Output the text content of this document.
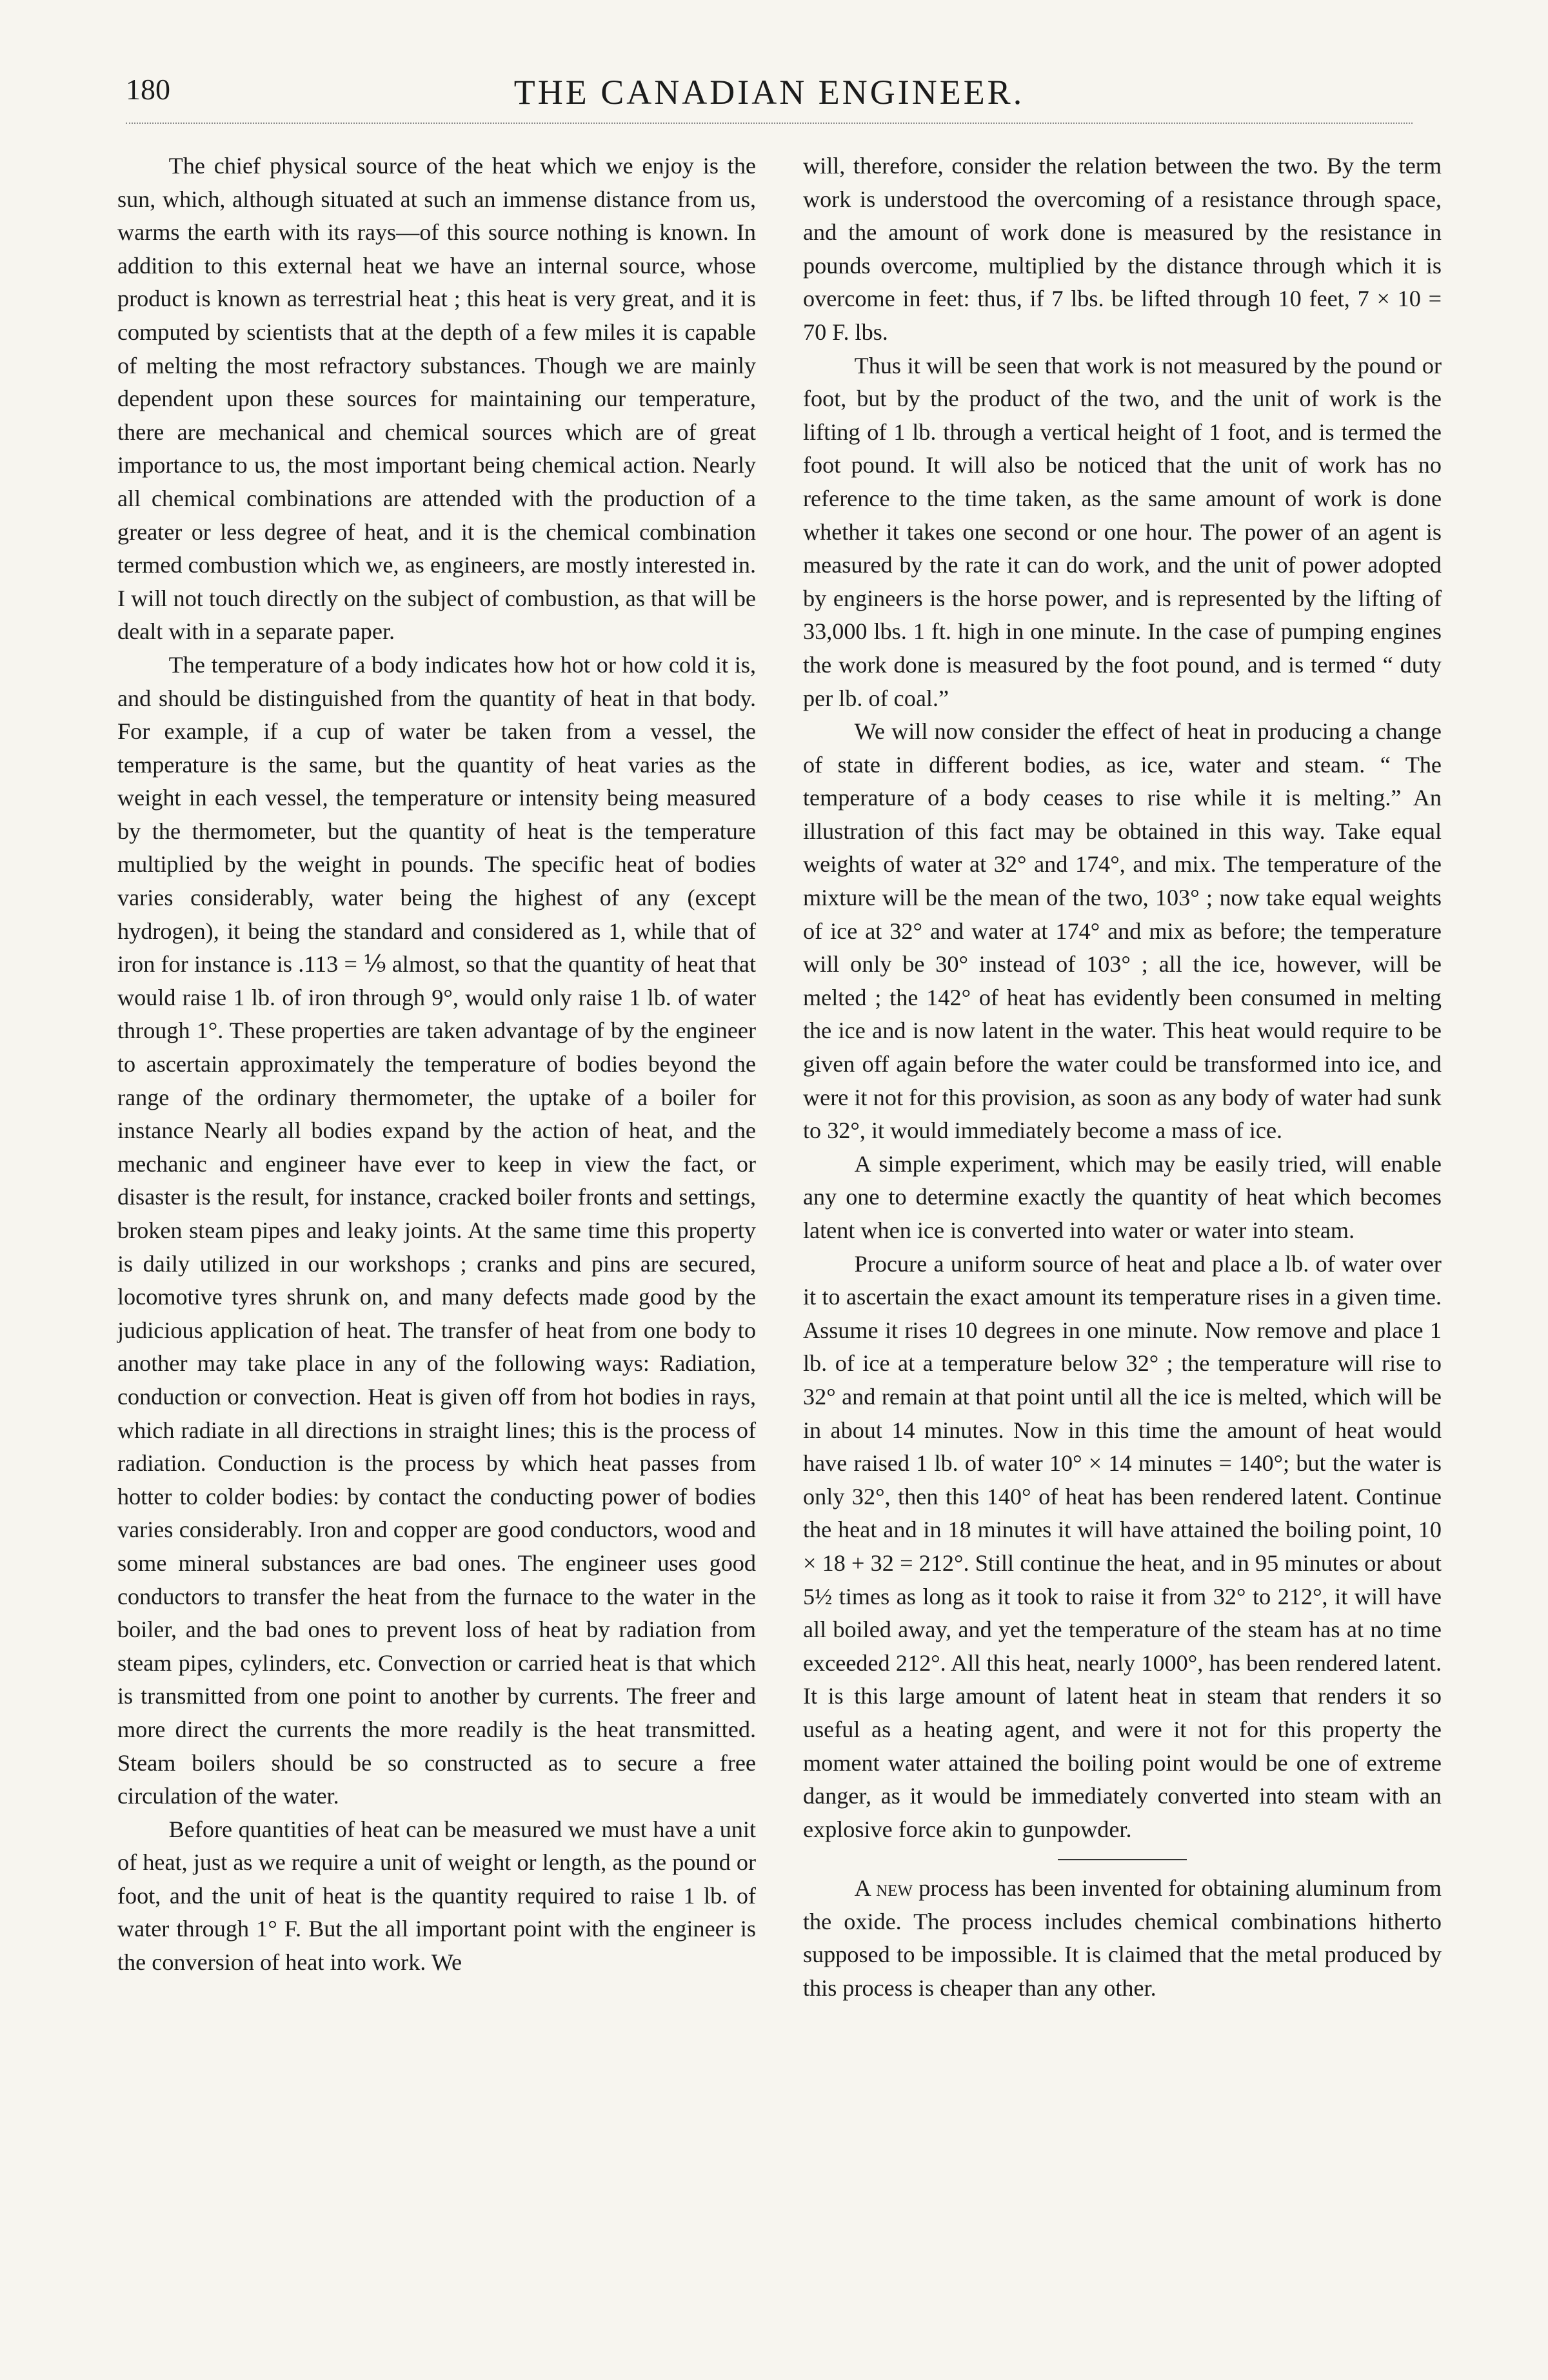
180	THE CANADIAN ENGINEER.

The chief physical source of the heat which we enjoy is the sun, which, although situated at such an immense distance from us, warms the earth with its rays—of this source nothing is known. In addition to this external heat we have an internal source, whose product is known as terrestrial heat ; this heat is very great, and it is computed by scientists that at the depth of a few miles it is capable of melting the most refractory substances. Though we are mainly dependent upon these sources for maintaining our temperature, there are mechanical and chemical sources which are of great importance to us, the most important being chemical action. Nearly all chemical combinations are attended with the production of a greater or less degree of heat, and it is the chemical combination termed combustion which we, as engineers, are mostly interested in. I will not touch directly on the subject of combustion, as that will be dealt with in a separate paper.

The temperature of a body indicates how hot or how cold it is, and should be distinguished from the quantity of heat in that body. For example, if a cup of water be taken from a vessel, the temperature is the same, but the quantity of heat varies as the weight in each vessel, the temperature or intensity being measured by the thermometer, but the quantity of heat is the temperature multiplied by the weight in pounds. The specific heat of bodies varies considerably, water being the highest of any (except hydrogen), it being the standard and considered as 1, while that of iron for instance is .113 = ⅑ almost, so that the quantity of heat that would raise 1 lb. of iron through 9°, would only raise 1 lb. of water through 1°. These properties are taken advantage of by the engineer to ascertain approximately the temperature of bodies beyond the range of the ordinary thermometer, the uptake of a boiler for instance Nearly all bodies expand by the action of heat, and the mechanic and engineer have ever to keep in view the fact, or disaster is the result, for instance, cracked boiler fronts and settings, broken steam pipes and leaky joints. At the same time this property is daily utilized in our workshops ; cranks and pins are secured, locomotive tyres shrunk on, and many defects made good by the judicious application of heat. The transfer of heat from one body to another may take place in any of the following ways: Radiation, conduction or convection. Heat is given off from hot bodies in rays, which radiate in all directions in straight lines; this is the process of radiation. Conduction is the process by which heat passes from hotter to colder bodies: by contact the conducting power of bodies varies considerably. Iron and copper are good conductors, wood and some mineral substances are bad ones. The engineer uses good conductors to transfer the heat from the furnace to the water in the boiler, and the bad ones to prevent loss of heat by radiation from steam pipes, cylinders, etc. Convection or carried heat is that which is transmitted from one point to another by currents. The freer and more direct the currents the more readily is the heat transmitted. Steam boilers should be so constructed as to secure a free circulation of the water.

Before quantities of heat can be measured we must have a unit of heat, just as we require a unit of weight or length, as the pound or foot, and the unit of heat is the quantity required to raise 1 lb. of water through 1° F. But the all important point with the engineer is the conversion of heat into work. We

will, therefore, consider the relation between the two. By the term work is understood the overcoming of a resistance through space, and the amount of work done is measured by the resistance in pounds overcome, multiplied by the distance through which it is overcome in feet: thus, if 7 lbs. be lifted through 10 feet, 7 × 10 = 70 F. lbs.

Thus it will be seen that work is not measured by the pound or foot, but by the product of the two, and the unit of work is the lifting of 1 lb. through a vertical height of 1 foot, and is termed the foot pound. It will also be noticed that the unit of work has no reference to the time taken, as the same amount of work is done whether it takes one second or one hour. The power of an agent is measured by the rate it can do work, and the unit of power adopted by engineers is the horse power, and is represented by the lifting of 33,000 lbs. 1 ft. high in one minute. In the case of pumping engines the work done is measured by the foot pound, and is termed “ duty per lb. of coal.”

We will now consider the effect of heat in producing a change of state in different bodies, as ice, water and steam. “ The temperature of a body ceases to rise while it is melting.” An illustration of this fact may be obtained in this way. Take equal weights of water at 32° and 174°, and mix. The temperature of the mixture will be the mean of the two, 103° ; now take equal weights of ice at 32° and water at 174° and mix as before; the temperature will only be 30° instead of 103° ; all the ice, however, will be melted ; the 142° of heat has evidently been consumed in melting the ice and is now latent in the water. This heat would require to be given off again before the water could be transformed into ice, and were it not for this provision, as soon as any body of water had sunk to 32°, it would immediately become a mass of ice.

A simple experiment, which may be easily tried, will enable any one to determine exactly the quantity of heat which becomes latent when ice is converted into water or water into steam.

Procure a uniform source of heat and place a lb. of water over it to ascertain the exact amount its temperature rises in a given time. Assume it rises 10 degrees in one minute. Now remove and place 1 lb. of ice at a temperature below 32° ; the temperature will rise to 32° and remain at that point until all the ice is melted, which will be in about 14 minutes. Now in this time the amount of heat would have raised 1 lb. of water 10° × 14 minutes = 140°; but the water is only 32°, then this 140° of heat has been rendered latent. Continue the heat and in 18 minutes it will have attained the boiling point, 10 × 18 + 32 = 212°. Still continue the heat, and in 95 minutes or about 5½ times as long as it took to raise it from 32° to 212°, it will have all boiled away, and yet the temperature of the steam has at no time exceeded 212°. All this heat, nearly 1000°, has been rendered latent. It is this large amount of latent heat in steam that renders it so useful as a heating agent, and were it not for this property the moment water attained the boiling point would be one of extreme danger, as it would be immediately converted into steam with an explosive force akin to gunpowder.

A new process has been invented for obtaining aluminum from the oxide. The process includes chemical combinations hitherto supposed to be impossible. It is claimed that the metal produced by this process is cheaper than any other.
